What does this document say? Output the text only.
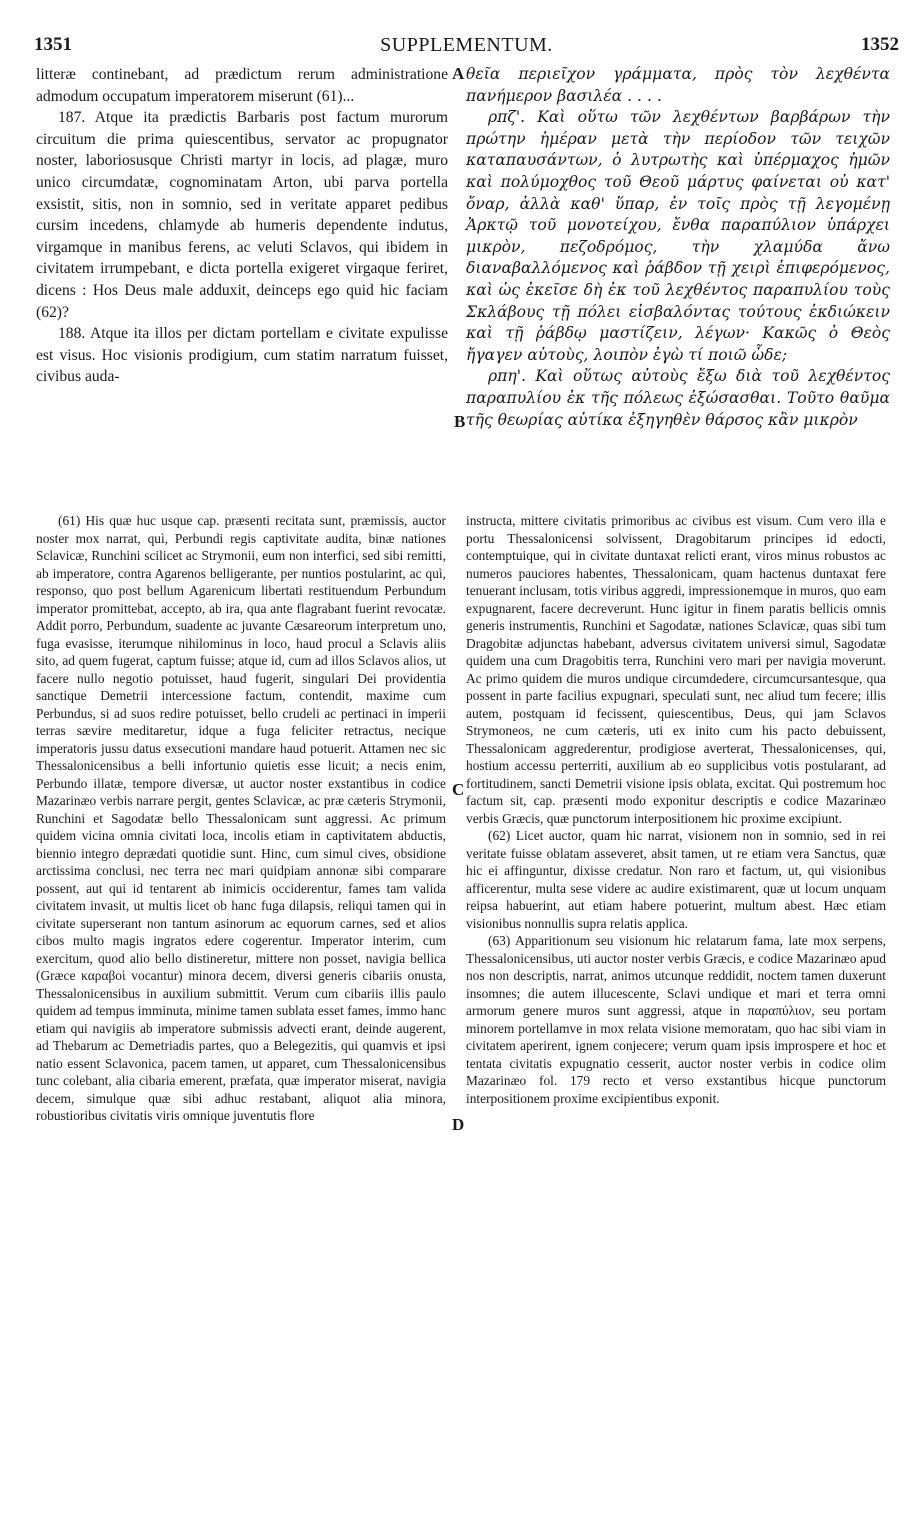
1351	SUPPLEMENTUM.	1352

litteræ continebant, ad prædictum rerum administratione admodum occupatum imperatorem miserunt (61)...

187. Atque ita prædictis Barbaris post factum murorum circuitum die prima quiescentibus, servator ac propugnator noster, laboriosusque Christi martyr in locis, ad plagæ, muro unico circumdatæ, cognominatam Arton, ubi parva portella exsistit, sitis, non in somnio, sed in veritate apparet pedibus cursim incedens, chlamyde ab humeris dependente indutus, virgamque in manibus ferens, ac veluti Sclavos, qui ibidem in civitatem irrumpebant, e dicta portella exigeret virgaque feriret, dicens : Hos Deus male adduxit, deinceps ego quid hic faciam (62)?

188. Atque ita illos per dictam portellam e civitate expulisse est visus. Hoc visionis prodigium, cum statim narratum fuisset, civibus auda-

θεῖα περιεῖχον γράμματα, πρὸς τὸν λεχθέντα πανήμερον βασιλέα . . . .

ρπζ'. Καὶ οὕτω τῶν λεχθέντων βαρβάρων τὴν πρώτην ἡμέραν μετὰ τὴν περίοδον τῶν τειχῶν καταπαυσάντων, ὁ λυτρωτὴς καὶ ὑπέρμαχος ἡμῶν καὶ πολύμοχθος τοῦ Θεοῦ μάρτυς φαίνεται οὐ κατ' ὄναρ, ἀλλὰ καθ' ὕπαρ, ἐν τοῖς πρὸς τῇ λεγομένῃ Ἀρκτῷ τοῦ μονοτείχου, ἔνθα παραπύλιον ὑπάρχει μικρὸν, πεζοδρόμος, τὴν χλαμύδα ἄνω διαναβαλλόμενος καὶ ῥάβδον τῇ χειρὶ ἐπιφερόμενος, καὶ ὡς ἐκεῖσε δὴ ἐκ τοῦ λεχθέντος παραπυλίου τοὺς Σκλάβους τῇ πόλει εἰσβαλόντας τούτους ἐκδιώκειν καὶ τῇ ῥάβδῳ μαστίζειν, λέγων· Κακῶς ὁ Θεὸς ἤγαγεν αὐτοὺς, λοιπὸν ἐγὼ τί ποιῶ ὧδε;

ρπη'. Καὶ οὕτως αὐτοὺς ἔξω διὰ τοῦ λεχθέντος παραπυλίου ἐκ τῆς πόλεως ἐξώσασθαι. Τοῦτο θαῦμα τῆς θεωρίας αὐτίκα ἐξηγηθὲν θάρσος κἂν μικρὸν

(61) His quæ huc usque cap. præsenti recitata sunt, præmissis, auctor noster mox narrat, quì, Perbundi regis captivitate audita, binæ nationes Sclavicæ, Runchini scilicet ac Strymonii, eum non interfici, sed sibi remitti, ab imperatore, contra Agarenos belligerante, per nuntios postularint, ac quì, responso, quo post bellum Agarenicum libertati restituendum Perbundum imperator promittebat, accepto, ab ira, qua ante flagrabant fuerint revocatæ. Addit porro, Perbundum, suadente ac juvante Cæsareorum interpretum uno, fuga evasisse, iterumque nihilominus in loco, haud procul a Sclavis aliis sito, ad quem fugerat, captum fuisse; atque id, cum ad illos Sclavos alios, ut facere nullo negotio potuisset, haud fugerit, singulari Dei providentia sanctique Demetrii intercessione factum, contendit, maxime cum Perbundus, si ad suos redire potuisset, bello crudeli ac pertinaci in imperii terras sævire meditaretur, idque a fuga feliciter retractus, necique imperatoris jussu datus exsecutioni mandare haud potuerit. Attamen nec sic Thessalonicensibus a belli infortunio quietis esse licuit; a necis enim, Perbundo illatæ, tempore diversæ, ut auctor noster exstantibus in codice Mazarinæo verbis narrare pergit, gentes Sclavicæ, ac præ cæteris Strymonii, Runchini et Sagodatæ bello Thessalonicam sunt aggressi. Ac primum quidem vicina omnia civitati loca, incolis etiam in captivitatem abductis, biennio integro deprædati quotidie sunt. Hinc, cum simul cives, obsidione arctissima conclusi, nec terra nec mari quidpiam annonæ sibi comparare possent, aut qui id tentarent ab inimicis occiderentur, fames tam valida civitatem invasit, ut multis licet ob hanc fuga dilapsis, reliqui tamen qui in civitate superserant non tantum asinorum ac equorum carnes, sed et alios cibos multo magis ingratos edere cogerentur. Imperator interim, cum exercitum, quod alio bello distineretur, mittere non posset, navigia bellica (Græce καραβοὶ vocantur) minora decem, diversi generis cibariis onusta, Thessalonicensibus in auxilium submittit. Verum cum cibariis illis paulo quidem ad tempus imminuta, minime tamen sublata esset fames, immo hanc etiam qui navigiis ab imperatore submissis advecti erant, deinde augerent, ad Thebarum ac Demetriadis partes, quo a Belegezitis, qui quamvis et ipsi natio essent Sclavonica, pacem tamen, ut apparet, cum Thessalonicensibus tunc colebant, alia cibaria emerent, præfata, quæ imperator miserat, navigia decem, simulque quæ sibi adhuc restabant, aliquot alia minora, robustioribus civitatis viris omnique juventutis flore

instructa, mittere civitatis primoribus ac civibus est visum. Cum vero illa e portu Thessalonicensi solvissent, Dragobitarum principes id edocti, contemptuique, qui in civitate duntaxat relicti erant, viros minus robustos ac numeros pauciores habentes, Thessalonicam, quam hactenus duntaxat fere tenuerant inclusam, totis viribus aggredi, impressionemque in muros, quo eam expugnarent, facere decreverunt. Hunc igitur in finem paratis bellicis omnis generis instrumentis, Runchini et Sagodatæ, nationes Sclavicæ, quas sibi tum Dragobitæ adjunctas habebant, adversus civitatem universi simul, Sagodatæ quidem una cum Dragobitis terra, Runchini vero mari per navigia moverunt. Ac primo quidem die muros undique circumdedere, circumcursantesque, qua possent in parte facilius expugnari, speculati sunt, nec aliud tum fecere; illis autem, postquam id fecissent, quiescentibus, Deus, qui jam Sclavos Strymoneos, ne cum cæteris, uti ex inito cum his pacto debuissent, Thessalonicam aggrederentur, prodigiose averterat, Thessalonicenses, qui, hostium accessu perterriti, auxilium ab eo supplicibus votis postularant, ad fortitudinem, sancti Demetrii visione ipsis oblata, excitat. Quì postremum hoc factum sit, cap. præsenti modo exponitur descriptis e codice Mazarinæo verbis Græcis, quæ punctorum interpositionem hic proxime excipiunt.

(62) Licet auctor, quam hic narrat, visionem non in somnio, sed in rei veritate fuisse oblatam asseveret, absit tamen, ut re etiam vera Sanctus, quæ hic ei affinguntur, dixisse credatur. Non raro et factum, ut, qui visionibus afficerentur, multa sese videre ac audire existimarent, quæ ut locum unquam reipsa habuerint, aut etiam habere potuerint, multum abest. Hæc etiam visionibus nonnullis supra relatis applica.

(63) Apparitionum seu visionum hic relatarum fama, late mox serpens, Thessalonicensibus, uti auctor noster verbis Græcis, e codice Mazarinæo apud nos non descriptis, narrat, animos utcunque reddidit, noctem tamen duxerunt insomnes; die autem illucescente, Sclavi undique et mari et terra omni armorum genere muros sunt aggressi, atque in παραπύλιον, seu portam minorem portellamve in mox relata visione memoratam, quo hac sibi viam in civitatem aperirent, ignem conjecere; verum quam ipsis improspere et hoc et tentata civitatis expugnatio cesserit, auctor noster verbis in codice olim Mazarinæo fol. 179 recto et verso exstantibus hicque punctorum interpositionem proxime excipientibus exponit.

A
B
C
D
